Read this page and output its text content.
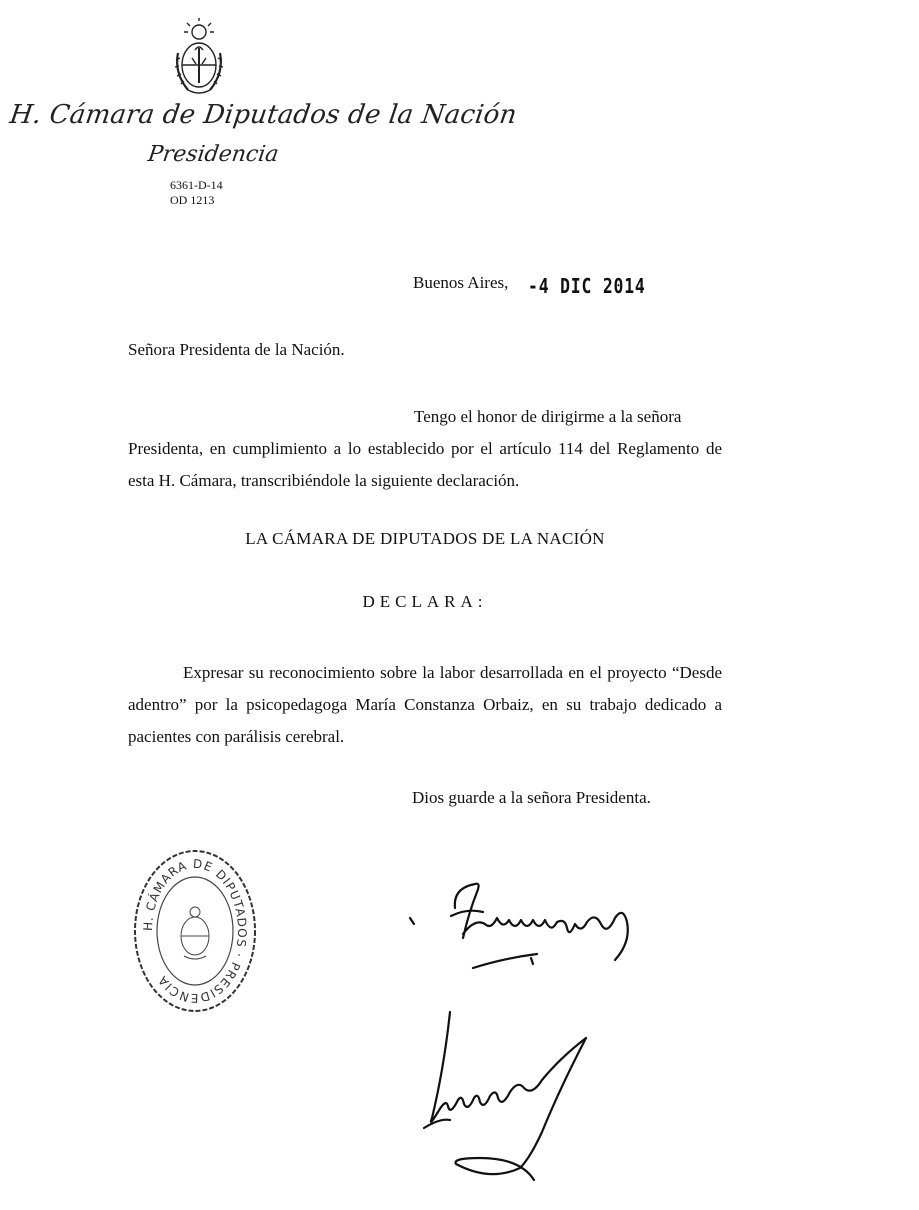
H. Cámara de Diputados de la Nación
Presidencia
6361-D-14
OD 1213
Buenos Aires, -4 DIC 2014
Señora Presidenta de la Nación.
Tengo el honor de dirigirme a la señora
Presidenta, en cumplimiento a lo establecido por el artículo 114 del Reglamento de esta H. Cámara, transcribiéndole la siguiente declaración.
LA CÁMARA DE DIPUTADOS DE LA NACIÓN
DECLARA:
Expresar su reconocimiento sobre la labor desarrollada en el proyecto “Desde adentro” por la psicopedagoga María Constanza Orbaiz, en su trabajo dedicado a pacientes con parálisis cerebral.
Dios guarde a la señora Presidenta.
H. CÁMARA DE DIPUTADOS · PRESIDENCIA
